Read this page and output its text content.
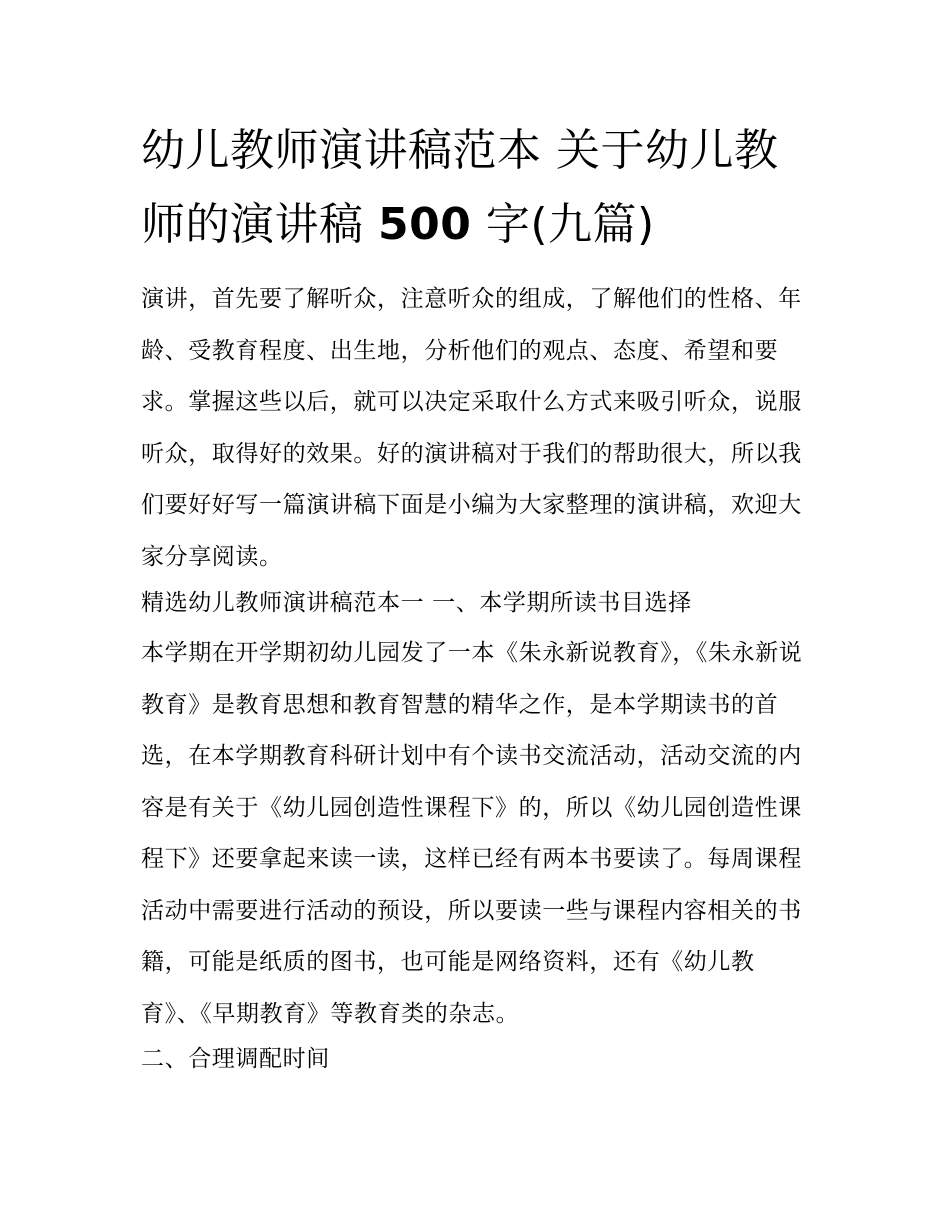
幼儿教师演讲稿范本 关于幼儿教师的演讲稿 500 字(九篇)

演讲，首先要了解听众，注意听众的组成，了解他们的性格、年龄、受教育程度、出生地，分析他们的观点、态度、希望和要求。掌握这些以后，就可以决定采取什么方式来吸引听众，说服听众，取得好的效果。好的演讲稿对于我们的帮助很大，所以我们要好好写一篇演讲稿下面是小编为大家整理的演讲稿，欢迎大家分享阅读。

精选幼儿教师演讲稿范本一 一、本学期所读书目选择

本学期在开学期初幼儿园发了一本《朱永新说教育》，《朱永新说教育》是教育思想和教育智慧的精华之作，是本学期读书的首选，在本学期教育科研计划中有个读书交流活动，活动交流的内容是有关于《幼儿园创造性课程下》的，所以《幼儿园创造性课程下》还要拿起来读一读，这样已经有两本书要读了。每周课程活动中需要进行活动的预设，所以要读一些与课程内容相关的书籍，可能是纸质的图书，也可能是网络资料，还有《幼儿教育》、《早期教育》等教育类的杂志。

二、合理调配时间
